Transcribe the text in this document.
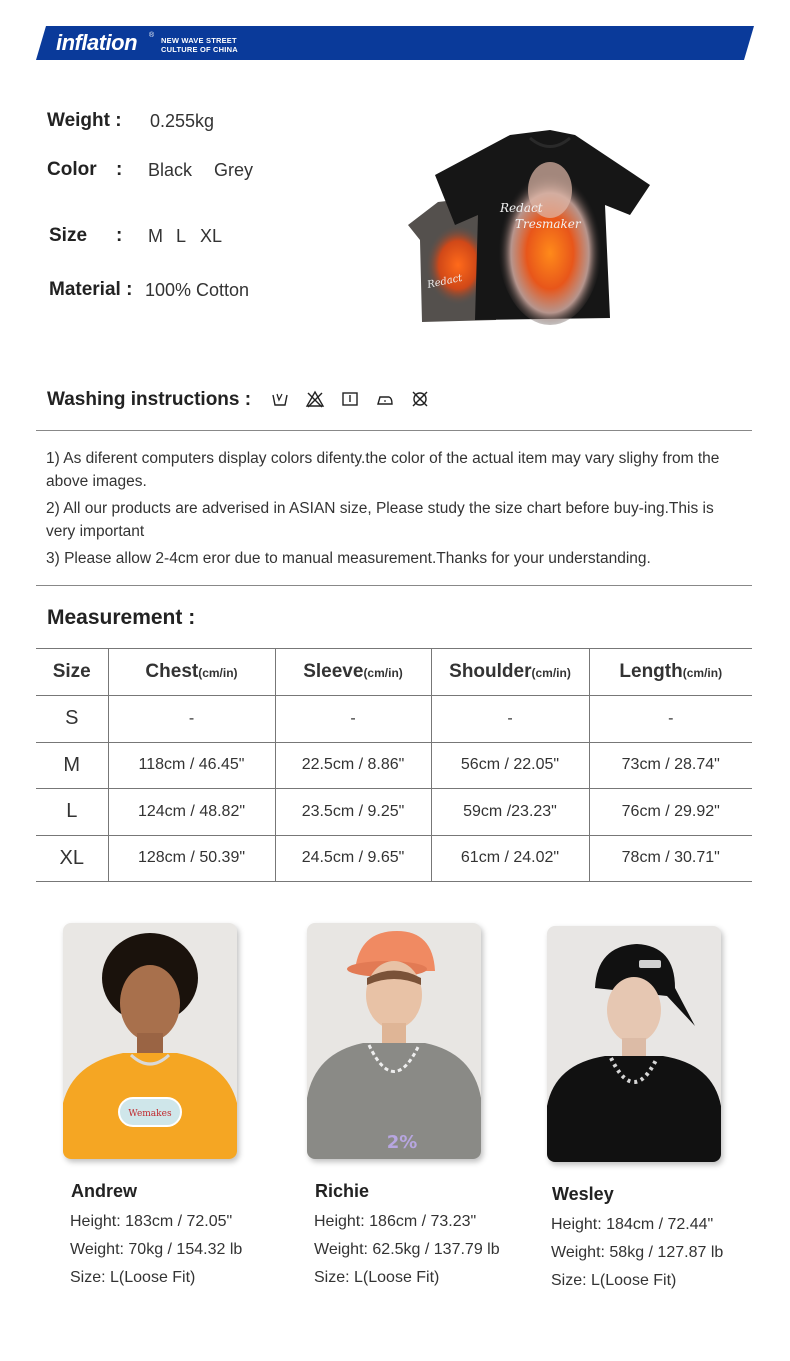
inflation ®
NEW WAVE STREET
CULTURE OF CHINA
Weight : 0.255kg
Color : Black Grey
Size : M L XL
Material : 100% Cotton	Redact
Redact
Tresmaker
Washing instructions :
1) As diferent computers display colors difenty.the color of the actual item may vary slighy from the above images.
2) All our products are adverised in ASIAN size, Please study the size chart before buy-ing.This is very important
3) Please allow 2-4cm eror due to manual measurement.Thanks for your understanding.
Measurement :
Size	Chest(cm/in)	Sleeve(cm/in)	Shoulder(cm/in)	Length(cm/in)
S	-	-	-	-
M	118cm / 46.45"	22.5cm / 8.86"	56cm / 22.05"	73cm / 28.74"
L	124cm / 48.82"	23.5cm / 9.25"	59cm /23.23"	76cm / 29.92"
XL	128cm / 50.39"	24.5cm / 9.65"	61cm / 24.02"	78cm / 30.71"
Wemakes
Andrew
Height: 183cm / 72.05"
Weight: 70kg / 154.32 lb
Size: L(Loose Fit)
2%
Richie
Height: 186cm / 73.23"
Weight: 62.5kg / 137.79 lb
Size: L(Loose Fit)
Wesley
Height: 184cm / 72.44"
Weight: 58kg / 127.87 lb
Size: L(Loose Fit)
